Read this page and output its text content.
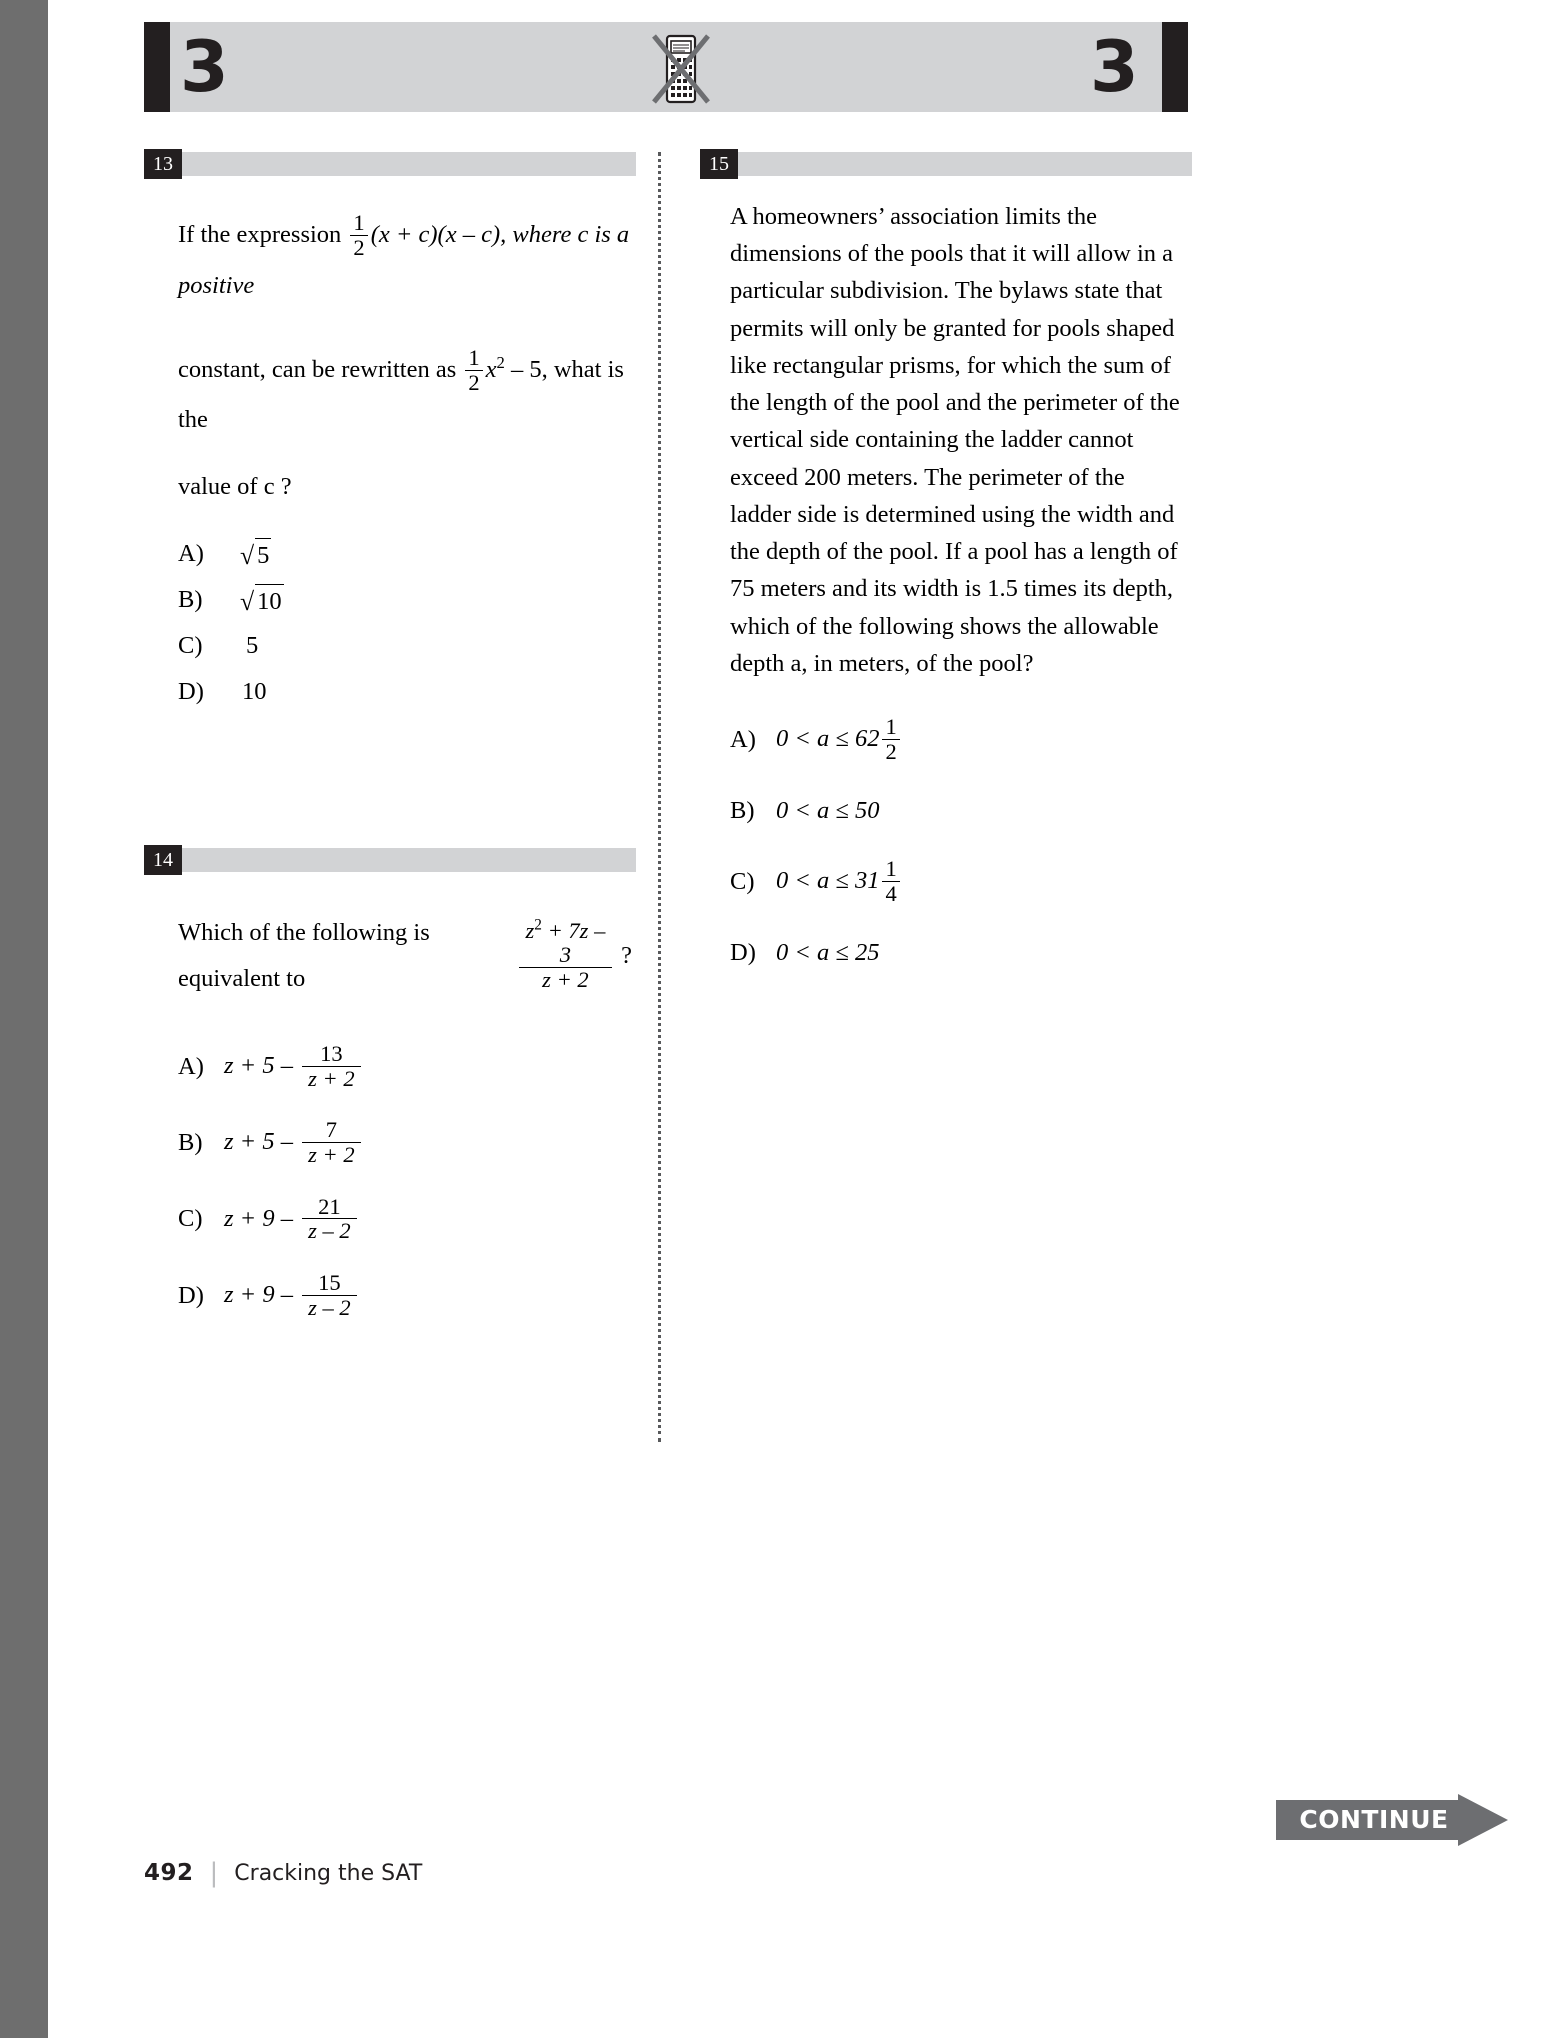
3	3
13
If the expression $\frac{1}{2} (x + c)(x - c)$, where c is a positive
constant, can be rewritten as $\frac{1}{2} x^2 - 5$, what is the
value of c ?
A)	√ 5
B)	√ 10
C)	5
D)	10
14
Which of the following is equivalent to	$\frac{z^2 + 7z - 3}{z + 2}$ ?
A) $z + 5 - \frac{13}{z + 2}$
B) $z + 5 - \frac{7}{z + 2}$
C) $z + 9 - \frac{21}{z - 2}$
D) $z + 9 - \frac{15}{z - 2}$
15
A homeowners’ association limits the dimensions of the pools that it will allow in a particular subdivision. The bylaws state that permits will only be granted for pools shaped like rectangular prisms, for which the sum of the length of the pool and the perimeter of the vertical side containing the ladder cannot exceed 200 meters. The perimeter of the ladder side is determined using the width and the depth of the pool. If a pool has a length of 75 meters and its width is 1.5 times its depth, which of the following shows the allowable depth a, in meters, of the pool?
A) $0 < a \le 62 \frac{1}{2}$
B) 0 < a ≤ 50
C) $0 < a \le 31 \frac{1}{4}$
D) 0 < a ≤ 25
CONTINUE
492 | Cracking the SAT
